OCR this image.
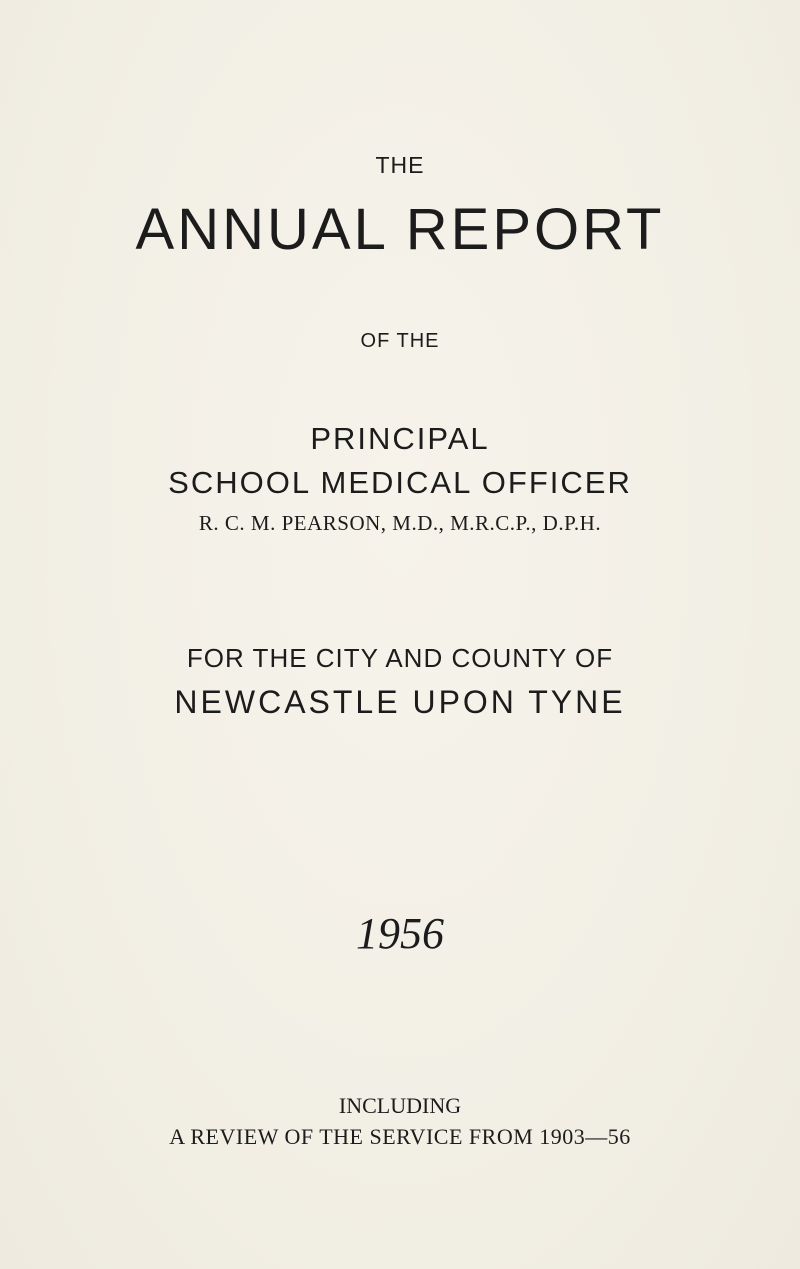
THE
ANNUAL REPORT
OF THE
PRINCIPAL
SCHOOL MEDICAL OFFICER
R. C. M. PEARSON, M.D., M.R.C.P., D.P.H.
FOR THE CITY AND COUNTY OF
NEWCASTLE UPON TYNE
1956
INCLUDING
A REVIEW OF THE SERVICE FROM 1903—56
